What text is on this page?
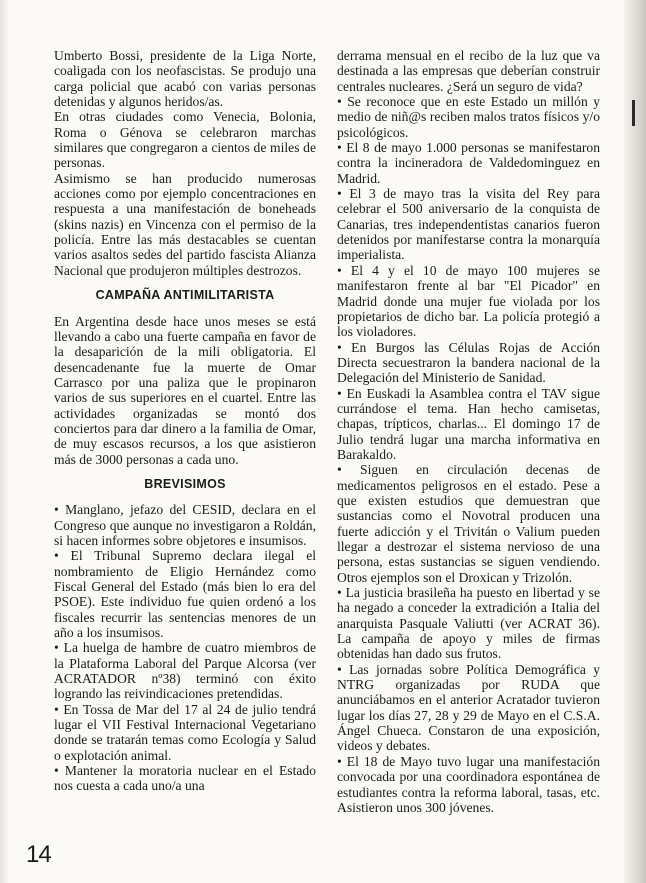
Umberto Bossi, presidente de la Liga Norte, coaligada con los neofascistas. Se produjo una carga policial que acabó con varias personas detenidas y algunos heridos/as.

En otras ciudades como Venecia, Bolonia, Roma o Génova se celebraron marchas similares que congregaron a cientos de miles de personas.

Asimismo se han producido numerosas acciones como por ejemplo concentraciones en respuesta a una manifestación de boneheads (skins nazis) en Vincenza con el permiso de la policía. Entre las más destacables se cuentan varios asaltos sedes del partido fascista Alianza Nacional que produjeron múltiples destrozos.

CAMPAÑA ANTIMILITARISTA

En Argentina desde hace unos meses se está llevando a cabo una fuerte campaña en favor de la desaparición de la mili obligatoria. El desencadenante fue la muerte de Omar Carrasco por una paliza que le propinaron varios de sus superiores en el cuartel. Entre las actividades organizadas se montó dos conciertos para dar dinero a la familia de Omar, de muy escasos recursos, a los que asistieron más de 3000 personas a cada uno.

BREVISIMOS

• Manglano, jefazo del CESID, declara en el Congreso que aunque no investigaron a Roldán, si hacen informes sobre objetores e insumisos.

• El Tribunal Supremo declara ilegal el nombramiento de Eligio Hernández como Fiscal General del Estado (más bien lo era del PSOE). Este individuo fue quien ordenó a los fiscales recurrir las sentencias menores de un año a los insumisos.

• La huelga de hambre de cuatro miembros de la Plataforma Laboral del Parque Alcorsa (ver ACRATADOR nº38) terminó con éxito logrando las reivindicaciones pretendidas.

• En Tossa de Mar del 17 al 24 de julio tendrá lugar el VII Festival Internacional Vegetariano donde se tratarán temas como Ecología y Salud o explotación animal.

• Mantener la moratoria nuclear en el Estado nos cuesta a cada uno/a una

derrama mensual en el recibo de la luz que va destinada a las empresas que deberían construir centrales nucleares. ¿Será un seguro de vida?

• Se reconoce que en este Estado un millón y medio de niñ@s reciben malos tratos físicos y/o psicológicos.

• El 8 de mayo 1.000 personas se manifestaron contra la incineradora de Valdedominguez en Madrid.

• El 3 de mayo tras la visita del Rey para celebrar el 500 aniversario de la conquista de Canarias, tres independentistas canarios fueron detenidos por manifestarse contra la monarquía imperialista.

• El 4 y el 10 de mayo 100 mujeres se manifestaron frente al bar "El Picador" en Madrid donde una mujer fue violada por los propietarios de dicho bar. La policía protegió a los violadores.

• En Burgos las Células Rojas de Acción Directa secuestraron la bandera nacional de la Delegación del Ministerio de Sanidad.

• En Euskadi la Asamblea contra el TAV sigue currándose el tema. Han hecho camisetas, chapas, trípticos, charlas... El domingo 17 de Julio tendrá lugar una marcha informativa en Barakaldo.

• Siguen en circulación decenas de medicamentos peligrosos en el estado. Pese a que existen estudios que demuestran que sustancias como el Novotral producen una fuerte adicción y el Trivitán o Valium pueden llegar a destrozar el sistema nervioso de una persona, estas sustancias se siguen vendiendo. Otros ejemplos son el Droxican y Trizolón.

• La justicia brasileña ha puesto en libertad y se ha negado a conceder la extradición a Italia del anarquista Pasquale Valiutti (ver ACRAT 36). La campaña de apoyo y miles de firmas obtenidas han dado sus frutos.

• Las jornadas sobre Política Demográfica y NTRG organizadas por RUDA que anunciábamos en el anterior Acratador tuvieron lugar los días 27, 28 y 29 de Mayo en el C.S.A. Ángel Chueca. Constaron de una exposición, videos y debates.

• El 18 de Mayo tuvo lugar una manifestación convocada por una coordinadora espontánea de estudiantes contra la reforma laboral, tasas, etc. Asistieron unos 300 jóvenes.

14
